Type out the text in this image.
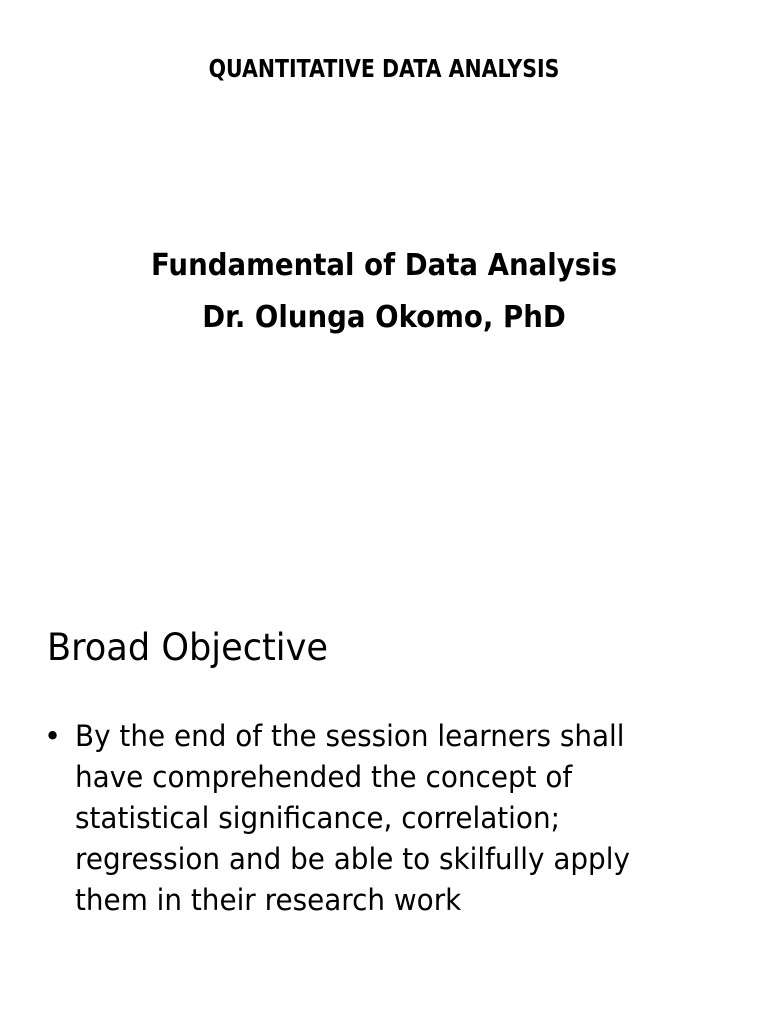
QUANTITATIVE DATA ANALYSIS
Fundamental of Data Analysis
Dr. Olunga Okomo, PhD
Broad Objective
• By the end of the session learners shall have comprehended the concept of statistical significance, correlation; regression and be able to skilfully apply them in their research work
